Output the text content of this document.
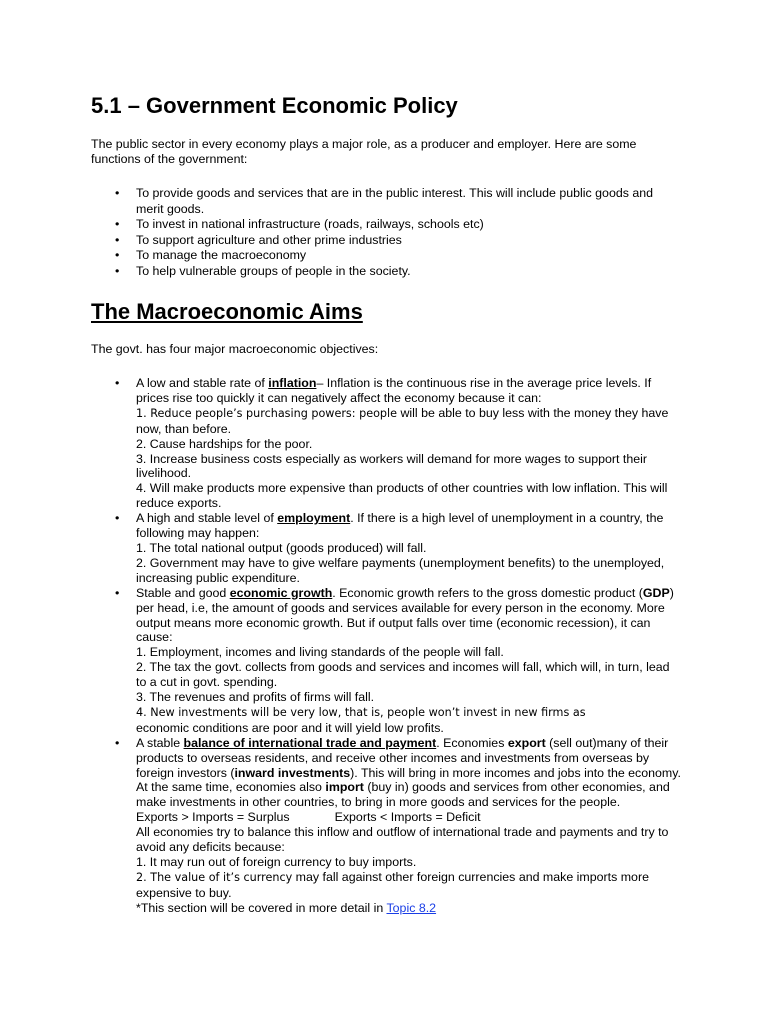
5.1 – Government Economic Policy

The public sector in every economy plays a major role, as a producer and employer. Here are some functions of the government:

• To provide goods and services that are in the public interest. This will include public goods and merit goods.
• To invest in national infrastructure (roads, railways, schools etc)
• To support agriculture and other prime industries
• To manage the macroeconomy
• To help vulnerable groups of people in the society.
The Macroeconomic Aims

The govt. has four major macroeconomic objectives:

• A low and stable rate of inflation– Inflation is the continuous rise in the average price levels. If prices rise too quickly it can negatively affect the economy because it can:
1. Reduce people’s purchasing powers: people will be able to buy less with the money they have now, than before.
2. Cause hardships for the poor.
3. Increase business costs especially as workers will demand for more wages to support their livelihood.
4. Will make products more expensive than products of other countries with low inflation. This will reduce exports.
• A high and stable level of employment. If there is a high level of unemployment in a country, the following may happen:
1. The total national output (goods produced) will fall.
2. Government may have to give welfare payments (unemployment benefits) to the unemployed, increasing public expenditure.
• Stable and good economic growth. Economic growth refers to the gross domestic product (GDP) per head, i.e, the amount of goods and services available for every person in the economy. More output means more economic growth. But if output falls over time (economic recession), it can cause:
1. Employment, incomes and living standards of the people will fall.
2. The tax the govt. collects from goods and services and incomes will fall, which will, in turn, lead to a cut in govt. spending.
3. The revenues and profits of firms will fall.
4. New investments will be very low, that is, people won’t invest in new firms aseconomic conditions are poor and it will yield low profits.
• A stable balance of international trade and payment. Economies export (sell out)many of their products to overseas residents, and receive other incomes and investments from overseas by foreign investors (inward investments). This will bring in more incomes and jobs into the economy. At the same time, economies also import (buy in) goods and services from other economies, and make investments in other countries, to bring in more goods and services for the people.
Exports > Imports = Surplus	Exports < Imports = Deficit
All economies try to balance this inflow and outflow of international trade and payments and try to avoid any deficits because:
1. It may run out of foreign currency to buy imports.
2. The value of it’s currency may fall against other foreign currencies and make imports more expensive to buy.
*This section will be covered in more detail in Topic 8.2
